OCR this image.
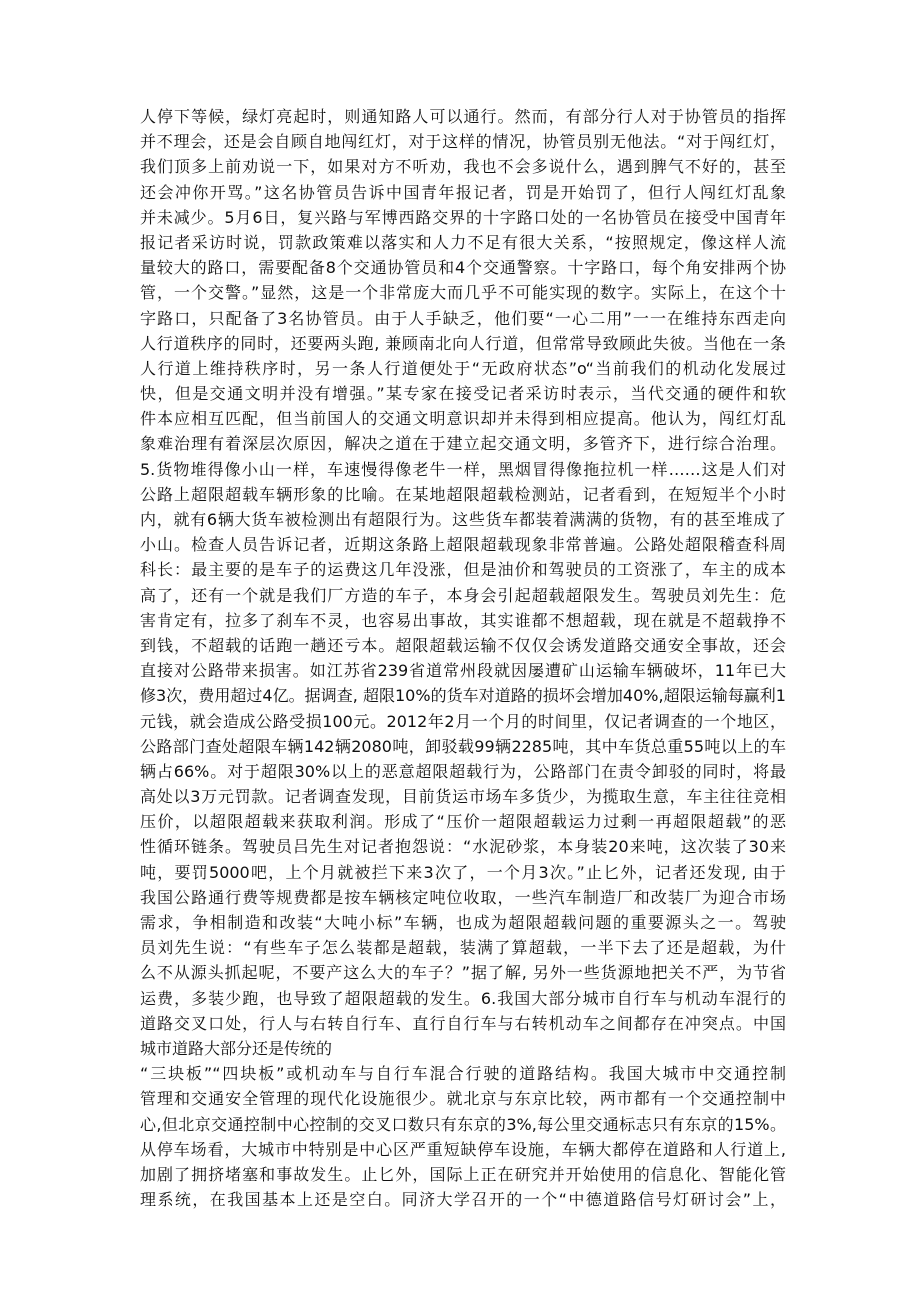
人停下等候，绿灯亮起时，则通知路人可以通行。然而，有部分行人对于协管员的指挥
并不理会，还是会自顾自地闯红灯，对于这样的情况，协管员别无他法。“对于闯红灯，
我们顶多上前劝说一下，如果对方不听劝，我也不会多说什么，遇到脾气不好的，甚至
还会冲你开骂。”这名协管员告诉中国青年报记者，罚是开始罚了，但行人闯红灯乱象
并未减少。5月6日，复兴路与军博西路交界的十字路口处的一名协管员在接受中国青年
报记者采访时说，罚款政策难以落实和人力不足有很大关系，“按照规定，像这样人流
量较大的路口，需要配备8个交通协管员和4个交通警察。十字路口，每个角安排两个协
管，一个交警。”显然，这是一个非常庞大而几乎不可能实现的数字。实际上，在这个十
字路口，只配备了3名协管员。由于人手缺乏，他们要“一心二用”一一在维持东西走向
人行道秩序的同时，还要两头跑, 兼顾南北向人行道，但常常导致顾此失彼。当他在一条
人行道上维持秩序时，另一条人行道便处于“无政府状态”o“当前我们的机动化发展过
快，但是交通文明并没有增强。”某专家在接受记者采访时表示，当代交通的硬件和软
件本应相互匹配，但当前国人的交通文明意识却并未得到相应提高。他认为，闯红灯乱
象难治理有着深层次原因，解决之道在于建立起交通文明，多管齐下，进行综合治理。
5.货物堆得像小山一样，车速慢得像老牛一样，黑烟冒得像拖拉机一样……这是人们对
公路上超限超载车辆形象的比喻。在某地超限超载检测站，记者看到，在短短半个小时
内，就有6辆大货车被检测出有超限行为。这些货车都装着满满的货物，有的甚至堆成了
小山。检查人员告诉记者，近期这条路上超限超载现象非常普遍。公路处超限稽查科周
科长：最主要的是车子的运费这几年没涨，但是油价和驾驶员的工资涨了，车主的成本
高了，还有一个就是我们厂方造的车子，本身会引起超载超限发生。驾驶员刘先生：危
害肯定有，拉多了刹车不灵，也容易出事故，其实谁都不想超载，现在就是不超载挣不
到钱，不超载的话跑一趟还亏本。超限超载运输不仅仅会诱发道路交通安全事故，还会
直接对公路带来损害。如江苏省239省道常州段就因屡遭矿山运输车辆破坏，11年已大
修3次，费用超过4亿。据调查, 超限10%的货车对道路的损坏会增加40%,超限运输每赢利1
元钱，就会造成公路受损100元。2012年2月一个月的时间里，仅记者调查的一个地区，
公路部门查处超限车辆142辆2080吨，卸驳载99辆2285吨，其中车货总重55吨以上的车
辆占66%。对于超限30%以上的恶意超限超载行为，公路部门在责令卸驳的同时，将最
高处以3万元罚款。记者调查发现，目前货运市场车多货少，为揽取生意，车主往往竞相
压价，以超限超载来获取利润。形成了“压价一超限超载运力过剩一再超限超载”的恶
性循环链条。驾驶员吕先生对记者抱怨说：“水泥砂浆，本身装20来吨，这次装了30来
吨，要罚5000吧，上个月就被拦下来3次了，一个月3次。”止匕外，记者还发现, 由于
我国公路通行费等规费都是按车辆核定吨位收取，一些汽车制造厂和改装厂为迎合市场
需求，争相制造和改装“大吨小标”车辆，也成为超限超载问题的重要源头之一。驾驶
员刘先生说：“有些车子怎么装都是超载，装满了算超载，一半下去了还是超载，为什
么不从源头抓起呢，不要产这么大的车子？”据了解, 另外一些货源地把关不严，为节省
运费，多装少跑，也导致了超限超载的发生。6.我国大部分城市自行车与机动车混行的
道路交叉口处，行人与右转自行车、直行自行车与右转机动车之间都存在冲突点。中国
城市道路大部分还是传统的
“三块板”“四块板”或机动车与自行车混合行驶的道路结构。我国大城市中交通控制
管理和交通安全管理的现代化设施很少。就北京与东京比较，两市都有一个交通控制中
心,但北京交通控制中心控制的交叉口数只有东京的3%,每公里交通标志只有东京的15%。
从停车场看，大城市中特别是中心区严重短缺停车设施，车辆大都停在道路和人行道上,
加剧了拥挤堵塞和事故发生。止匕外，国际上正在研究并开始使用的信息化、智能化管
理系统，在我国基本上还是空白。同济大学召开的一个“中德道路信号灯研讨会”上，
